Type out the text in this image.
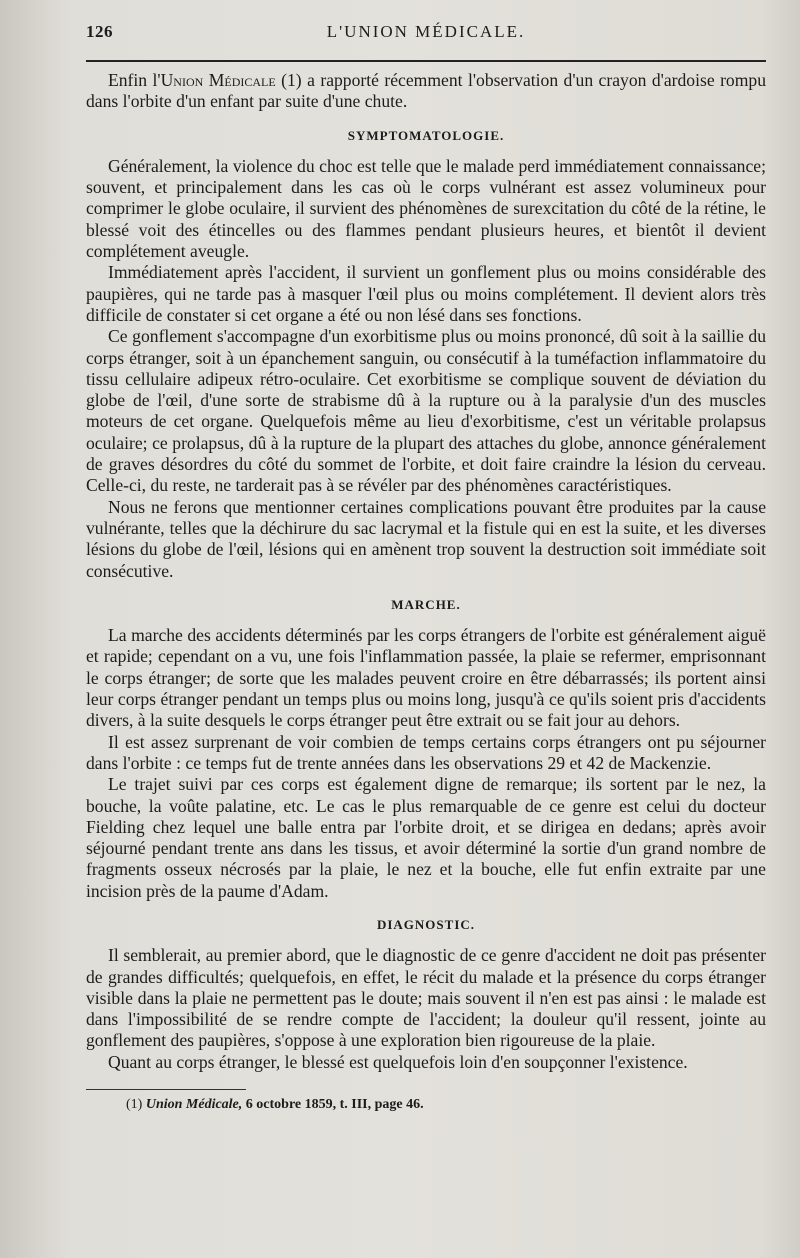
126	L'UNION MÉDICALE.

Enfin l'Union Médicale (1) a rapporté récemment l'observation d'un crayon d'ardoise rompu dans l'orbite d'un enfant par suite d'une chute.

SYMPTOMATOLOGIE.

Généralement, la violence du choc est telle que le malade perd immédiatement connaissance; souvent, et principalement dans les cas où le corps vulnérant est assez volumineux pour comprimer le globe oculaire, il survient des phénomènes de surexcitation du côté de la rétine, le blessé voit des étincelles ou des flammes pendant plusieurs heures, et bientôt il devient complétement aveugle.

Immédiatement après l'accident, il survient un gonflement plus ou moins considérable des paupières, qui ne tarde pas à masquer l'œil plus ou moins complétement. Il devient alors très difficile de constater si cet organe a été ou non lésé dans ses fonctions.

Ce gonflement s'accompagne d'un exorbitisme plus ou moins prononcé, dû soit à la saillie du corps étranger, soit à un épanchement sanguin, ou consécutif à la tuméfaction inflammatoire du tissu cellulaire adipeux rétro-oculaire. Cet exorbitisme se complique souvent de déviation du globe de l'œil, d'une sorte de strabisme dû à la rupture ou à la paralysie d'un des muscles moteurs de cet organe. Quelquefois même au lieu d'exorbitisme, c'est un véritable prolapsus oculaire; ce prolapsus, dû à la rupture de la plupart des attaches du globe, annonce généralement de graves désordres du côté du sommet de l'orbite, et doit faire craindre la lésion du cerveau. Celle-ci, du reste, ne tarderait pas à se révéler par des phénomènes caractéristiques.

Nous ne ferons que mentionner certaines complications pouvant être produites par la cause vulnérante, telles que la déchirure du sac lacrymal et la fistule qui en est la suite, et les diverses lésions du globe de l'œil, lésions qui en amènent trop souvent la destruction soit immédiate soit consécutive.

MARCHE.

La marche des accidents déterminés par les corps étrangers de l'orbite est généralement aiguë et rapide; cependant on a vu, une fois l'inflammation passée, la plaie se refermer, emprisonnant le corps étranger; de sorte que les malades peuvent croire en être débarrassés; ils portent ainsi leur corps étranger pendant un temps plus ou moins long, jusqu'à ce qu'ils soient pris d'accidents divers, à la suite desquels le corps étranger peut être extrait ou se fait jour au dehors.

Il est assez surprenant de voir combien de temps certains corps étrangers ont pu séjourner dans l'orbite : ce temps fut de trente années dans les observations 29 et 42 de Mackenzie.

Le trajet suivi par ces corps est également digne de remarque; ils sortent par le nez, la bouche, la voûte palatine, etc. Le cas le plus remarquable de ce genre est celui du docteur Fielding chez lequel une balle entra par l'orbite droit, et se dirigea en dedans; après avoir séjourné pendant trente ans dans les tissus, et avoir déterminé la sortie d'un grand nombre de fragments osseux nécrosés par la plaie, le nez et la bouche, elle fut enfin extraite par une incision près de la paume d'Adam.

DIAGNOSTIC.

Il semblerait, au premier abord, que le diagnostic de ce genre d'accident ne doit pas présenter de grandes difficultés; quelquefois, en effet, le récit du malade et la présence du corps étranger visible dans la plaie ne permettent pas le doute; mais souvent il n'en est pas ainsi : le malade est dans l'impossibilité de se rendre compte de l'accident; la douleur qu'il ressent, jointe au gonflement des paupières, s'oppose à une exploration bien rigoureuse de la plaie.

Quant au corps étranger, le blessé est quelquefois loin d'en soupçonner l'existence.

(1) Union Médicale, 6 octobre 1859, t. III, page 46.
